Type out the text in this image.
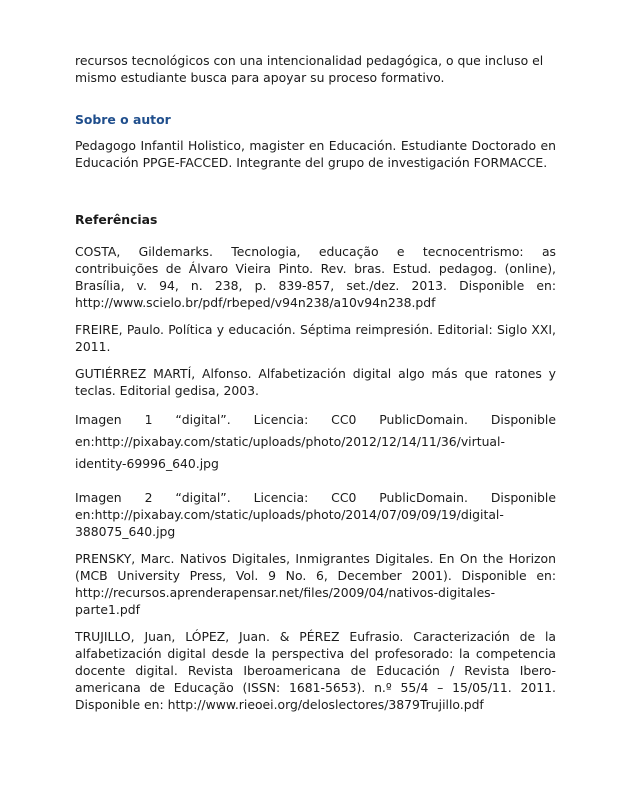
recursos tecnológicos con una intencionalidad pedagógica, o que incluso el
mismo estudiante busca para apoyar su proceso formativo.

Sobre o autor

Pedagogo Infantil Holistico, magister en Educación. Estudiante Doctorado en Educación PPGE-FACCED. Integrante del grupo de investigación FORMACCE.

Referências

COSTA, Gildemarks. Tecnologia, educação e tecnocentrismo: as contribuições de Álvaro Vieira Pinto. Rev. bras. Estud. pedagog. (online), Brasília, v. 94, n. 238, p. 839-857, set./dez. 2013. Disponible en: http://www.scielo.br/pdf/rbeped/v94n238/a10v94n238.pdf

FREIRE, Paulo. Política y educación. Séptima reimpresión. Editorial: Siglo XXI, 2011.

GUTIÉRREZ MARTÍ, Alfonso. Alfabetización digital algo más que ratones y teclas. Editorial gedisa, 2003.

Imagen 1 “digital”. Licencia: CC0 PublicDomain. Disponible en:http://pixabay.com/static/uploads/photo/2012/12/14/11/36/virtual-identity-69996_640.jpg

Imagen 2 “digital”. Licencia: CC0 PublicDomain. Disponible en:http://pixabay.com/static/uploads/photo/2014/07/09/09/19/digital-388075_640.jpg

PRENSKY, Marc. Nativos Digitales, Inmigrantes Digitales. En On the Horizon (MCB University Press, Vol. 9 No. 6, December 2001). Disponible en: http://recursos.aprenderapensar.net/files/2009/04/nativos-digitales-parte1.pdf

TRUJILLO, Juan, LÓPEZ, Juan. & PÉREZ Eufrasio. Caracterización de la alfabetización digital desde la perspectiva del profesorado: la competencia docente digital. Revista Iberoamericana de Educación / Revista Ibero-americana de Educação (ISSN: 1681-5653). n.º 55/4 – 15/05/11. 2011. Disponible en: http://www.rieoei.org/deloslectores/3879Trujillo.pdf
